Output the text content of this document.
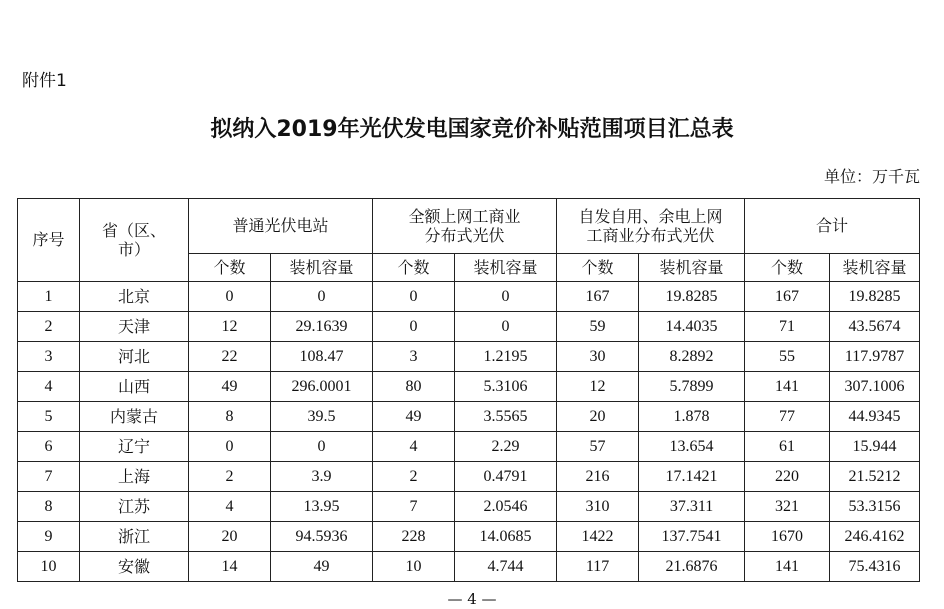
附件1
拟纳入2019年光伏发电国家竞价补贴范围项目汇总表
单位：万千瓦
序号	省（区、市）	普通光伏电站		全额上网工商业分布式光伏		自发自用、余电上网工商业分布式光伏		合计	
		个数	装机容量	个数	装机容量	个数	装机容量	个数	装机容量
1	北京	0	0	0	0	167	19.8285	167	19.8285
2	天津	12	29.1639	0	0	59	14.4035	71	43.5674
3	河北	22	108.47	3	1.2195	30	8.2892	55	117.9787
4	山西	49	296.0001	80	5.3106	12	5.7899	141	307.1006
5	内蒙古	8	39.5	49	3.5565	20	1.878	77	44.9345
6	辽宁	0	0	4	2.29	57	13.654	61	15.944
7	上海	2	3.9	2	0.4791	216	17.1421	220	21.5212
8	江苏	4	13.95	7	2.0546	310	37.311	321	53.3156
9	浙江	20	94.5936	228	14.0685	1422	137.7541	1670	246.4162
10	安徽	14	49	10	4.744	117	21.6876	141	75.4316
— 4 —
